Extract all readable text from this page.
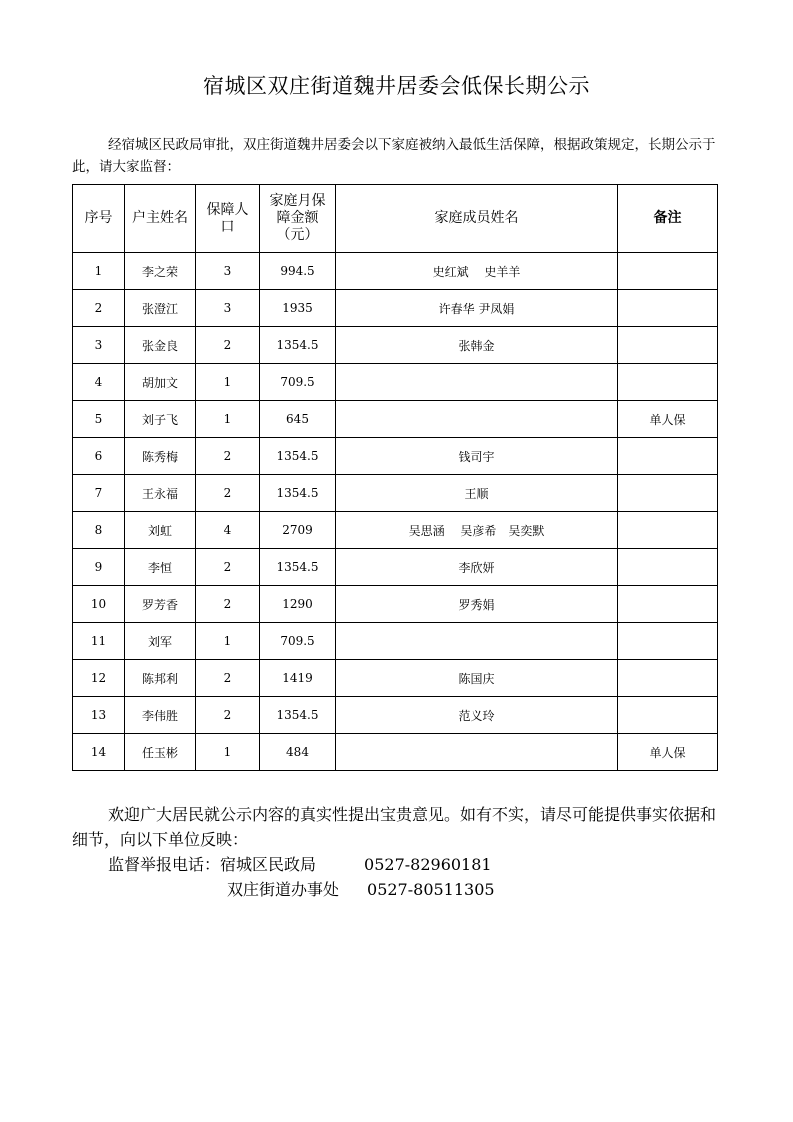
宿城区双庄街道魏井居委会低保长期公示
经宿城区民政局审批，双庄街道魏井居委会以下家庭被纳入最低生活保障，根据政策规定，长期公示于此，请大家监督：
序号	户主姓名	保障人口	家庭月保障金额（元）	家庭成员姓名	备注
1	李之荣	3	994.5	史红斌　 史羊羊	
2	张澄江	3	1935	许春华 尹凤娟	
3	张金良	2	1354.5	张韩金	
4	胡加文	1	709.5		
5	刘子飞	1	645		单人保
6	陈秀梅	2	1354.5	钱司宇	
7	王永福	2	1354.5	王顺	
8	刘虹	4	2709	吴思涵　 吴彦希　吴奕默	
9	李恒	2	1354.5	李欣妍	
10	罗芳香	2	1290	罗秀娟	
11	刘军	1	709.5		
12	陈邦利	2	1419	陈国庆	
13	李伟胜	2	1354.5	范义玲	
14	任玉彬	1	484		单人保
欢迎广大居民就公示内容的真实性提出宝贵意见。如有不实，请尽可能提供事实依据和细节，向以下单位反映：
监督举报电话：宿城区民政局	0527-82960181
双庄街道办事处 0527-80511305
